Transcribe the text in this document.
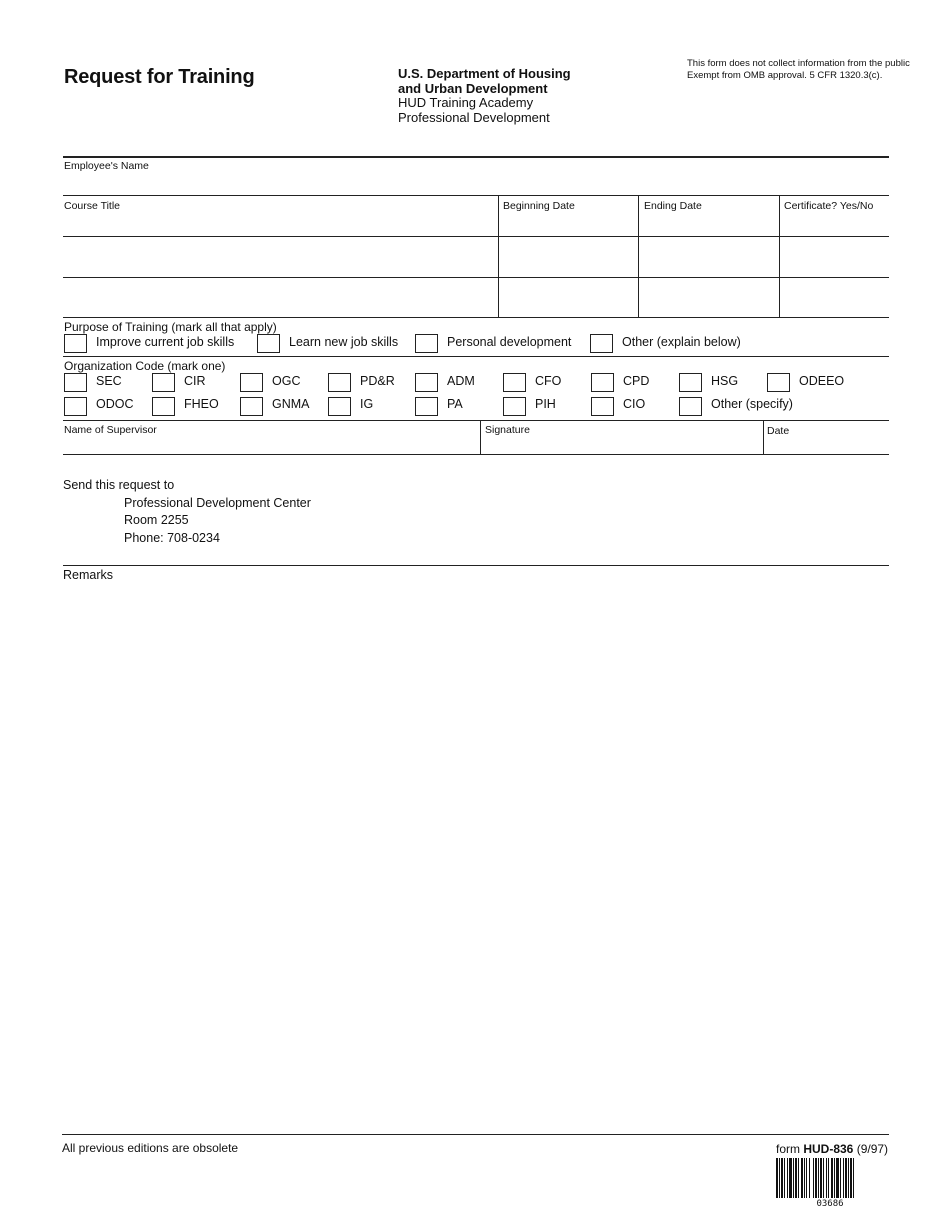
Request for Training	U.S. Department of Housing
and Urban Development
HUD Training Academy
Professional Development
This form does not collect information from the public
Exempt from OMB approval. 5 CFR 1320.3(c).
Employee's Name
Course Title	Beginning Date	Ending Date	Certificate? Yes/No
Purpose of Training (mark all that apply)
Improve current job skills	Learn new job skills	Personal development	Other (explain below)
Organization Code (mark one)
SEC	CIR	OGC	PD&R	ADM	CFO	CPD	HSG	ODEEO
ODOC	FHEO	GNMA	IG	PA	PIH	CIO	Other (specify)
Name of Supervisor	Signature	Date
Send this request to
Professional Development Center
Room 2255
Phone: 708-0234
Remarks
All previous editions are obsolete	form HUD-836 (9/97)
03686
